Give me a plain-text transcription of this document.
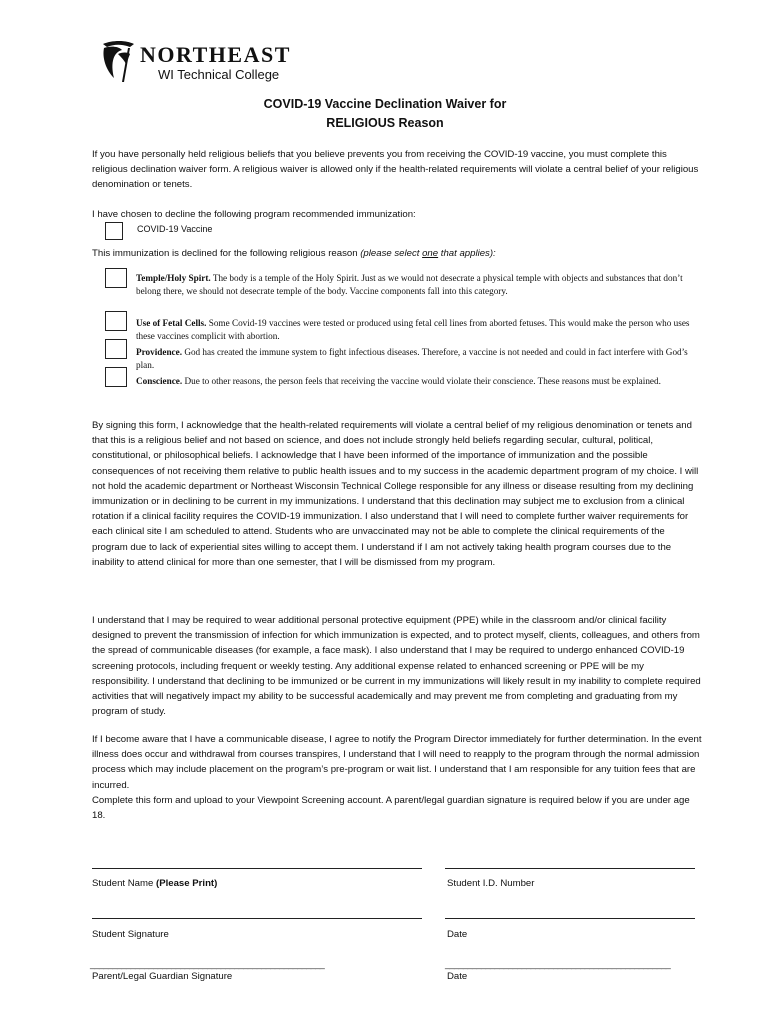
NORTHEAST
WI Technical College
COVID-19 Vaccine Declination Waiver for
RELIGIOUS Reason

If you have personally held religious beliefs that you believe prevents you from receiving the COVID-19 vaccine, you must complete this religious declination waiver form. A religious waiver is allowed only if the health-related requirements will violate a central belief of your religious denomination or tenets.

I have chosen to decline the following program recommended immunization:

COVID-19 Vaccine

This immunization is declined for the following religious reason (please select one that applies):

Temple/Holy Spirt. The body is a temple of the Holy Spirit. Just as we would not desecrate a physical temple with objects and substances that don’t belong there, we should not desecrate temple of the body. Vaccine components fall into this category.

Use of Fetal Cells. Some Covid-19 vaccines were tested or produced using fetal cell lines from aborted fetuses. This would make the person who uses these vaccines complicit with abortion.

Providence. God has created the immune system to fight infectious diseases. Therefore, a vaccine is not needed and could in fact interfere with God’s plan.

Conscience. Due to other reasons, the person feels that receiving the vaccine would violate their conscience. These reasons must be explained.

By signing this form, I acknowledge that the health-related requirements will violate a central belief of my religious denomination or tenets and that this is a religious belief and not based on science, and does not include strongly held beliefs regarding secular, cultural, political, constitutional, or philosophical beliefs. I acknowledge that I have been informed of the importance of immunization and the possible consequences of not receiving them relative to public health issues and to my success in the academic department program of my choice. I will not hold the academic department or Northeast Wisconsin Technical College responsible for any illness or disease resulting from my declining immunization or in declining to be current in my immunizations. I understand that this declination may subject me to exclusion from a clinical rotation if a clinical facility requires the COVID-19 immunization. I also understand that I will need to complete further waiver requirements for each clinical site I am scheduled to attend. Students who are unvaccinated may not be able to complete the clinical requirements of the program due to lack of experiential sites willing to accept them. I understand if I am not actively taking health program courses due to the inability to attend clinical for more than one semester, that I will be dismissed from my program.

I understand that I may be required to wear additional personal protective equipment (PPE) while in the classroom and/or clinical facility designed to prevent the transmission of infection for which immunization is expected, and to protect myself, clients, colleagues, and others from the spread of communicable diseases (for example, a face mask). I also understand that I may be required to undergo enhanced COVID-19 screening protocols, including frequent or weekly testing. Any additional expense related to enhanced screening or PPE will be my responsibility. I understand that declining to be immunized or be current in my immunizations will likely result in my inability to complete required activities that will negatively impact my ability to be successful academically and may prevent me from completing and graduating from my program of study.

If I become aware that I have a communicable disease, I agree to notify the Program Director immediately for further determination. In the event illness does occur and withdrawal from courses transpires, I understand that I will need to reapply to the program through the normal admission process which may include placement on the program’s pre-program or wait list. I understand that I am responsible for any tuition fees that are incurred.

Complete this form and upload to your Viewpoint Screening account. A parent/legal guardian signature is required below if you are under age 18.

Student Name (Please Print)	Student I.D. Number
Student Signature	Date
____________________________________________________	__________________________________________________
Parent/Legal Guardian Signature	Date
